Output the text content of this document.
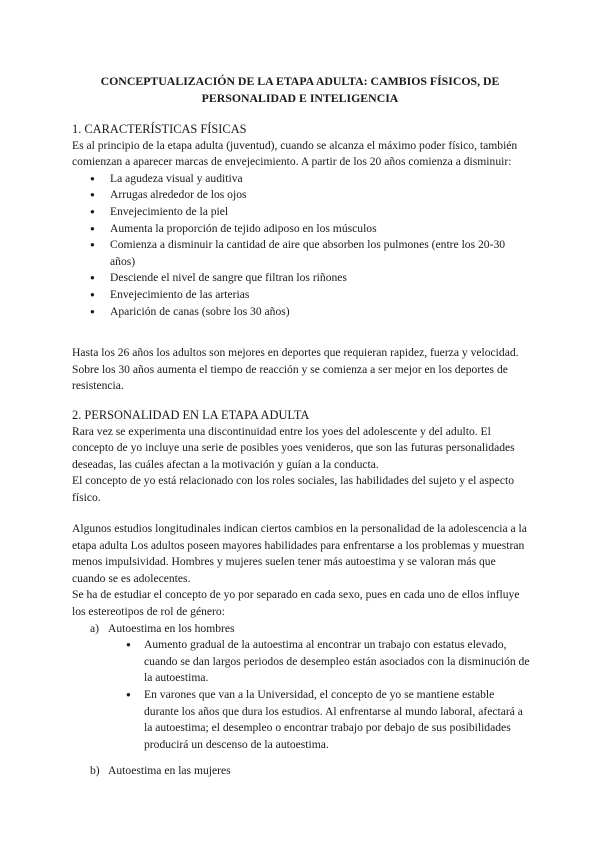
CONCEPTUALIZACIÓN DE LA ETAPA ADULTA: CAMBIOS FÍSICOS, DE PERSONALIDAD E INTELIGENCIA
1. CARACTERÍSTICAS FÍSICAS

Es al principio de la etapa adulta (juventud), cuando se alcanza el máximo poder físico, también comienzan a aparecer marcas de envejecimiento. A partir de los 20 años comienza a disminuir:

● La agudeza visual y auditiva
● Arrugas alrededor de los ojos
● Envejecimiento de la piel
● Aumenta la proporción de tejido adiposo en los músculos
● Comienza a disminuir la cantidad de aire que absorben los pulmones (entre los 20-30 años)
● Desciende el nivel de sangre que filtran los riñones
● Envejecimiento de las arterias
● Aparición de canas (sobre los 30 años)

Hasta los 26 años los adultos son mejores en deportes que requieran rapidez, fuerza y velocidad. Sobre los 30 años aumenta el tiempo de reacción y se comienza a ser mejor en los deportes de resistencia.

2. PERSONALIDAD EN LA ETAPA ADULTA

Rara vez se experimenta una discontinuidad entre los yoes del adolescente y del adulto. El concepto de yo incluye una serie de posibles yoes venideros, que son las futuras personalidades deseadas, las cuáles afectan a la motivación y guían a la conducta.

El concepto de yo está relacionado con los roles sociales, las habilidades del sujeto y el aspecto físico.

Algunos estudios longitudinales indican ciertos cambios en la personalidad de la adolescencia a la etapa adulta Los adultos poseen mayores habilidades para enfrentarse a los problemas y muestran menos impulsividad. Hombres y mujeres suelen tener más autoestima y se valoran más que cuando se es adolecentes.

Se ha de estudiar el concepto de yo por separado en cada sexo, pues en cada uno de ellos influye los estereotipos de rol de género:

a) Autoestima en los hombres
● Aumento gradual de la autoestima al encontrar un trabajo con estatus elevado, cuando se dan largos periodos de desempleo están asociados con la disminución de la autoestima.
● En varones que van a la Universidad, el concepto de yo se mantiene estable durante los años que dura los estudios. Al enfrentarse al mundo laboral, afectará a la autoestima; el desempleo o encontrar trabajo por debajo de sus posibilidades producirá un descenso de la autoestima.
b) Autoestima en las mujeres
